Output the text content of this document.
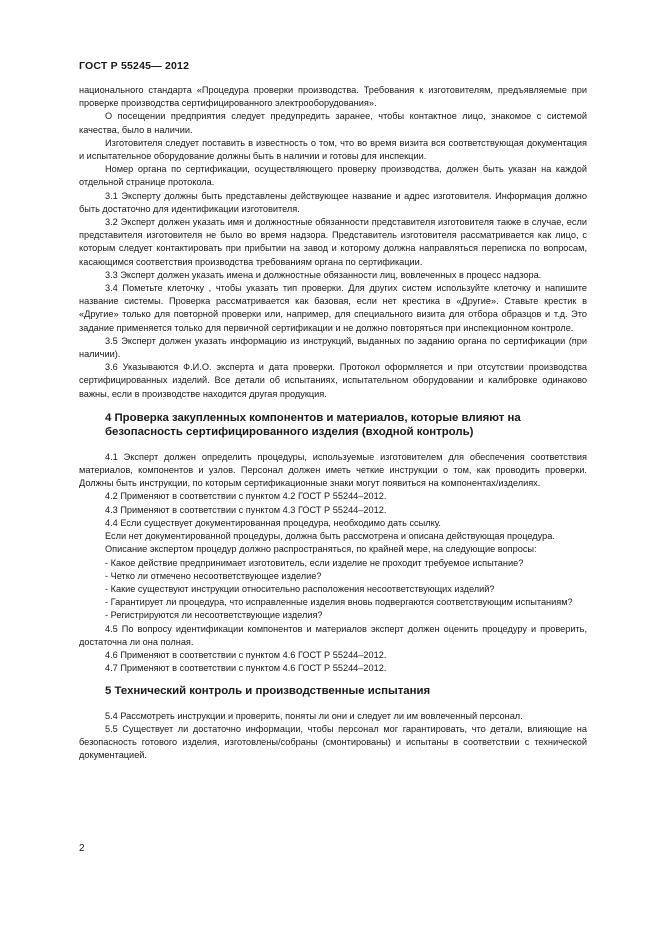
ГОСТ Р 55245— 2012

национального стандарта «Процедура проверки производства. Требования к изготовителям, предъявляемые при проверке производства сертифицированного электрооборудования».

О посещении предприятия следует предупредить заранее, чтобы контактное лицо, знакомое с системой качества, было в наличии.

Изготовителя следует поставить в известность о том, что во время визита вся соответствующая документация и испытательное оборудование должны быть в наличии и готовы для инспекции.

Номер органа по сертификации, осуществляющего проверку производства, должен быть указан на каждой отдельной странице протокола.

3.1 Эксперту должны быть представлены действующее название и адрес изготовителя. Информация должно быть достаточно для идентификации изготовителя.

3.2 Эксперт должен указать имя и должностные обязанности представителя изготовителя также в случае, если представителя изготовителя не было во время надзора. Представитель изготовителя рассматривается как лицо, с которым следует контактировать при прибытии на завод и которому должна направляться переписка по вопросам, касающимся соответствия производства требованиям органа по сертификации.

3.3 Эксперт должен указать имена и должностные обязанности лиц, вовлеченных в процесс надзора.

3.4 Пометьте клеточку , чтобы указать тип проверки. Для других систем используйте клеточку и напишите название системы. Проверка рассматривается как базовая, если нет крестика в «Другие». Ставьте крестик в «Другие» только для повторной проверки или, например, для специального визита для отбора образцов и т.д. Это задание применяется только для первичной сертификации и не должно повторяться при инспекционном контроле.

3.5 Эксперт должен указать информацию из инструкций, выданных по заданию органа по сертификации (при наличии).

3.6 Указываются Ф.И.О. эксперта и дата проверки. Протокол оформляется и при отсутствии производства сертифицированных изделий. Все детали об испытаниях, испытательном оборудовании и калибровке одинаково важны, если в производстве находится другая продукция.

4 Проверка закупленных компонентов и материалов, которые влияют на безопасность сертифицированного изделия (входной контроль)

4.1 Эксперт должен определить процедуры, используемые изготовителем для обеспечения соответствия материалов, компонентов и узлов. Персонал должен иметь четкие инструкции о том, как проводить проверки. Должны быть инструкции, по которым сертификационные знаки могут появиться на компонентах/изделиях.

4.2 Применяют в соответствии с пунктом 4.2 ГОСТ Р 55244–2012.

4.3 Применяют в соответствии с пунктом 4.3 ГОСТ Р 55244–2012.

4.4 Если существует документированная процедура, необходимо дать ссылку.

Если нет документированной процедуры, должна быть рассмотрена и описана действующая процедура.

Описание экспертом процедур должно распространяться, по крайней мере, на следующие вопросы:

- Какое действие предпринимает изготовитель, если изделие не проходит требуемое испытание?

- Четко ли отмечено несоответствующее изделие?

- Какие существуют инструкции относительно расположения несоответствующих изделий?

- Гарантирует ли процедура, что исправленные изделия вновь подвергаются соответствующим испытаниям?

- Регистрируются ли несоответствующие изделия?

4.5 По вопросу идентификации компонентов и материалов эксперт должен оценить процедуру и проверить, достаточна ли она полная.

4.6 Применяют в соответствии с пунктом 4.6 ГОСТ Р 55244–2012.

4.7 Применяют в соответствии с пунктом 4.6 ГОСТ Р 55244–2012.

5 Технический контроль и производственные испытания

5.4 Рассмотреть инструкции и проверить, поняты ли они и следует ли им вовлеченный персонал.

5.5 Существует ли достаточно информации, чтобы персонал мог гарантировать, что детали, влияющие на безопасность готового изделия, изготовлены/собраны (смонтированы) и испытаны в соответствии с технической документацией.

2
